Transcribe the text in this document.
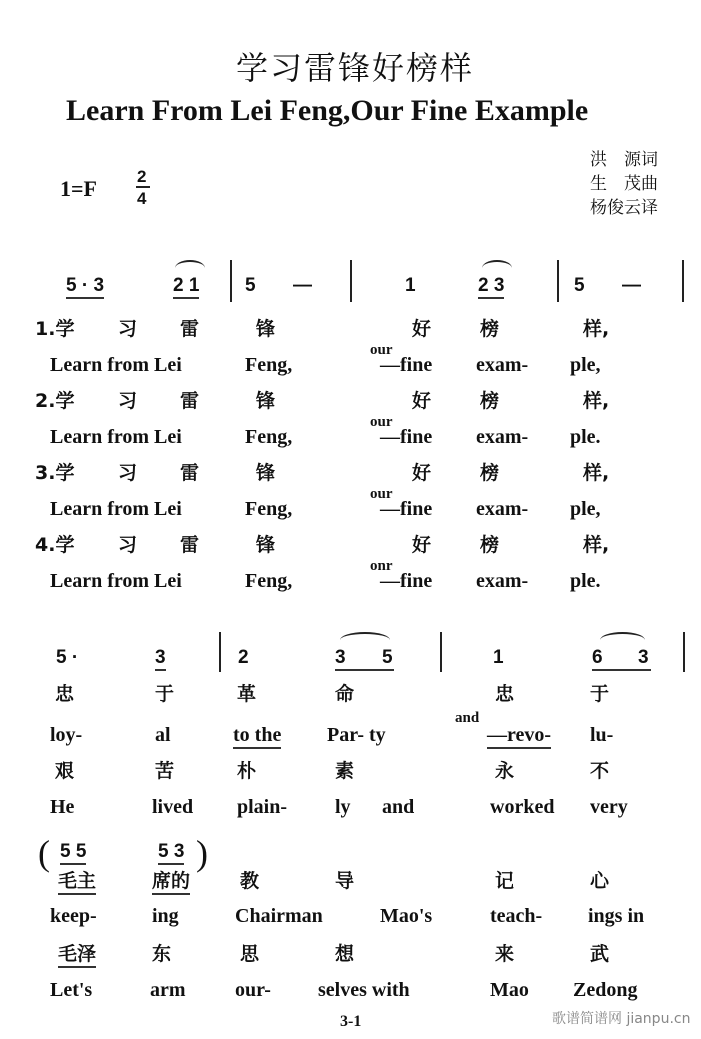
学习雷锋好榜样
Learn From Lei Feng,Our Fine Example
1=F 2
4
洪　源词
生　茂曲
杨俊云译
5 · 3	2 1 5 —	1	2 3	5 —
1.学 习 雷	锋	好	榜	样,
Learn from Lei	Feng,
our
—fine exam- ple,
2.学 习 雷	锋	好	榜	样,
Learn from Lei	Feng,
our
—fine exam- ple.
3.学 习 雷	锋	好	榜	样,
Learn from Lei	Feng,
our
—fine exam- ple,
4.学 习 雷	锋	好	榜	样,
Learn from Lei	Feng,
onr
—fine exam- ple.
5 ·	3	2	3	5	1	6	3
忠	于	革	命	忠	于
loy-	al	to the Par- ty
and
—revo- lu-
艰	苦	朴	素	永	不
He	lived plain- ly and	worked very
( 5 5	5 3 )
毛主	席的	教	导	记	心
keep-	ing	Chairman	Mao's	teach- ings in
毛泽	东	思	想	来	武
Let's	arm our- selves with	Mao Zedong
3-1	歌谱简谱网 jianpu.cn
